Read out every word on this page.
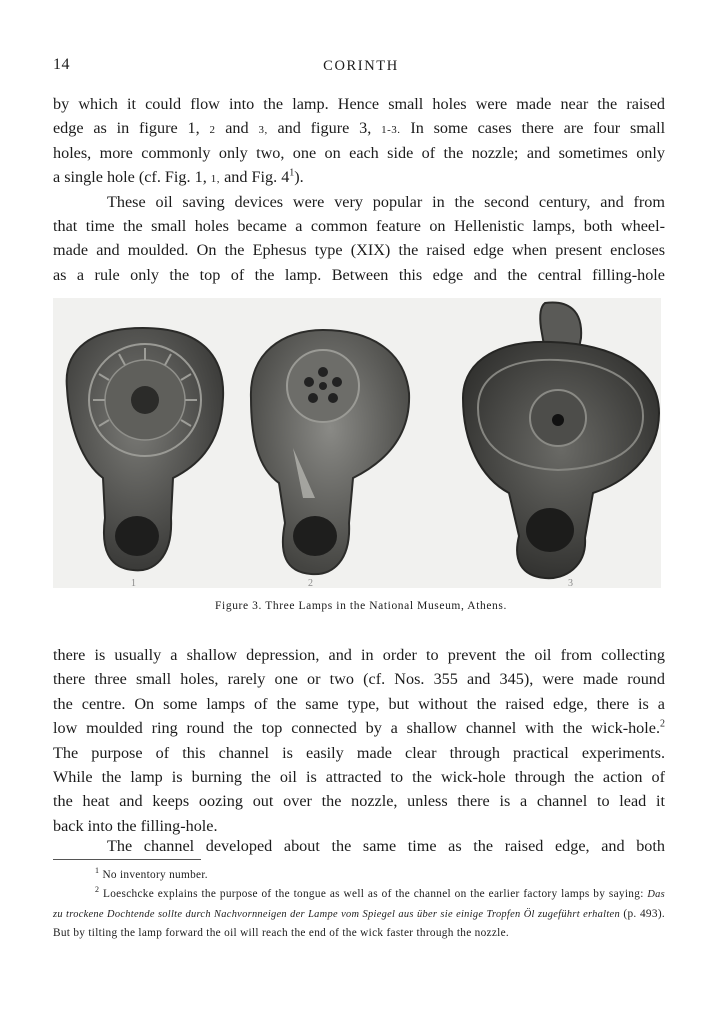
14	CORINTH

by which it could flow into the lamp. Hence small holes were made near the raised

edge as in figure 1, 2 and 3, and figure 3, 1-3. In some cases there are four small

holes, more commonly only two, one on each side of the nozzle; and sometimes only

a single hole (cf. Fig. 1, 1, and Fig. $4^1$).

These oil saving devices were very popular in the second century, and from

that time the small holes became a common feature on Hellenistic lamps, both wheel-

made and moulded. On the Ephesus type (XIX) the raised edge when present encloses

as a rule only the top of the lamp. Between this edge and the central filling-hole

1	2	3
Figure 3. Three Lamps in the National Museum, Athens.

there is usually a shallow depression, and in order to prevent the oil from collecting

there three small holes, rarely one or two (cf. Nos. 355 and 345), were made round

the centre. On some lamps of the same type, but without the raised edge, there is a

low moulded ring round the top connected by a shallow channel with the wick-hole.$^2$

The purpose of this channel is easily made clear through practical experiments.

While the lamp is burning the oil is attracted to the wick-hole through the action of

the heat and keeps oozing out over the nozzle, unless there is a channel to lead it

back into the filling-hole.

The channel developed about the same time as the raised edge, and both

$^1$ No inventory number.

$^2$ Loeschcke explains the purpose of the tongue as well as of the channel on the earlier factory lamps by saying: Das zu trockene Dochtende sollte durch Nachvornneigen der Lampe vom Spiegel aus über sie einige Tropfen Öl zugeführt erhalten (p. 493). But by tilting the lamp forward the oil will reach the end of the wick faster through the nozzle.
